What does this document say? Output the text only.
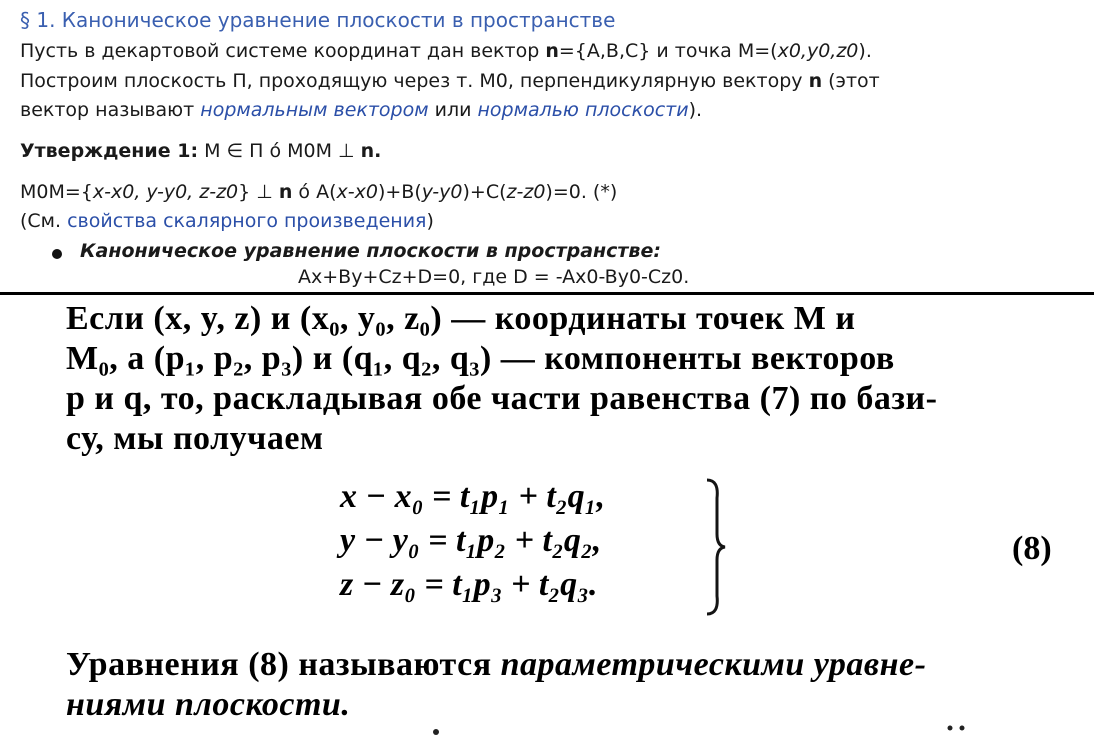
§ 1. Каноническое уравнение плоскости в пространстве
Пусть в декартовой системе координат дан вектор n={A,B,C} и точка M=(x0,y0,z0).
Построим плоскость П, проходящую через т. M0, перпендикулярную вектору n (этот
вектор называют нормальным вектором или нормалью плоскости).
Утверждение 1: M ∈ П ó M0M ⊥ n.
M0M={x-x0, y-y0, z-z0} ⊥ n ó A(x-x0)+B(y-y0)+C(z-z0)=0. (*)
(См. свойства скалярного произведения)
Каноническое уравнение плоскости в пространстве:
Ax+By+Cz+D=0, где D = -Ax0-By0-Cz0.
Если (x, y, z) и (x₀, y₀, z₀) — координаты точек M и
M₀, а (p₁, p₂, p₃) и (q₁, q₂, q₃) — компоненты векторов
p и q, то, раскладывая обе части равенства (7) по бази-
су, мы получаем
x − x₀ = t₁p₁ + t₂q₁,
y − y₀ = t₁p₂ + t₂q₂,
z − z₀ = t₁p₃ + t₂q₃.
(8)
Уравнения (8) называются параметрическими уравне-
ниями плоскости.
